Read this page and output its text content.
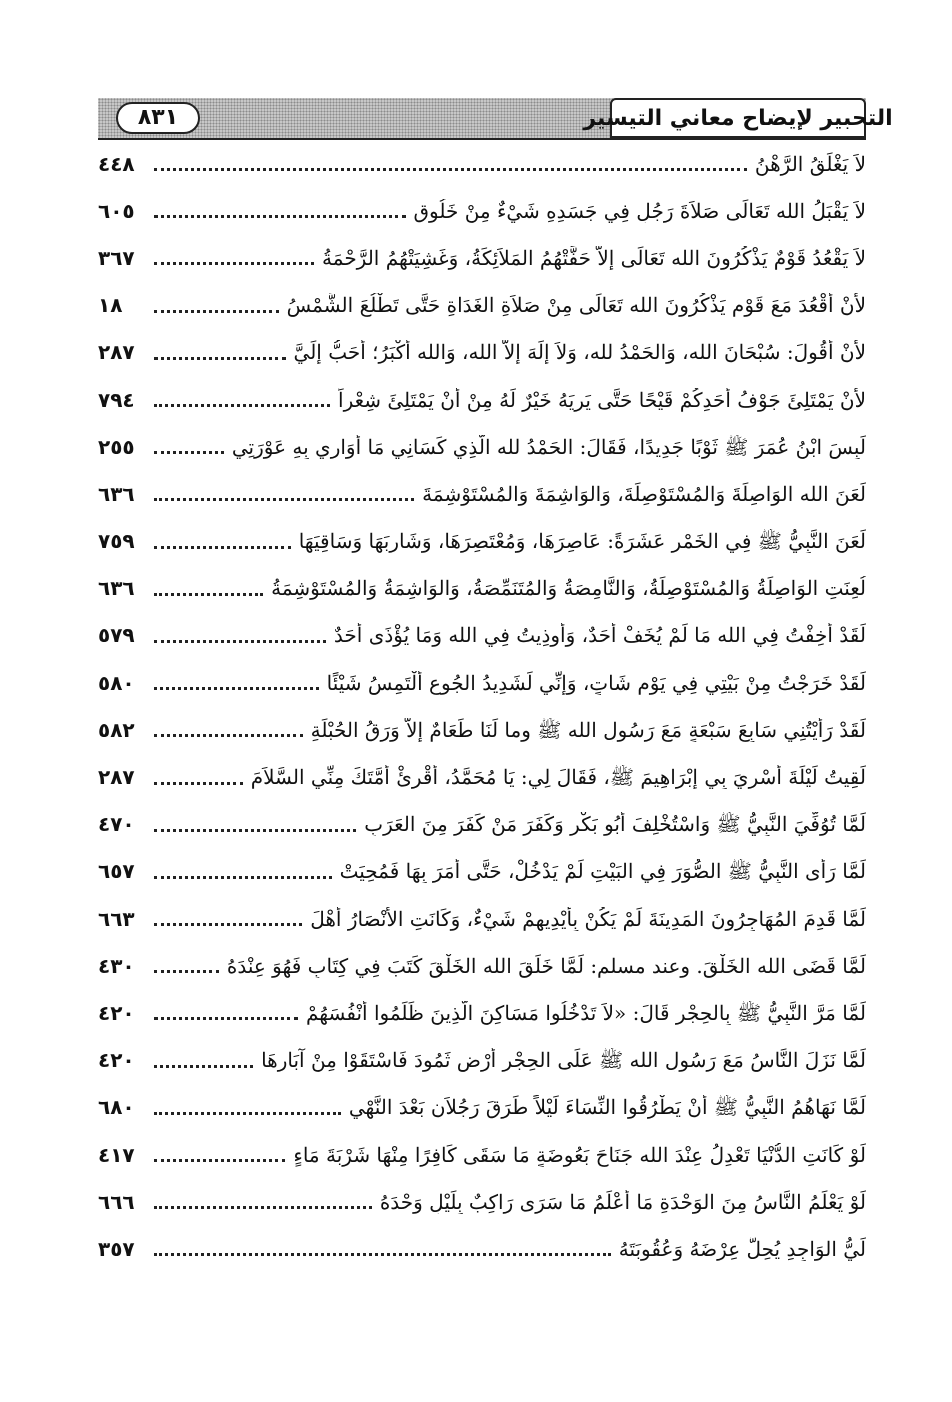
التحبير لإيضاح معاني التيسير
٨٣١
لاَ يَغْلَقُ الرَّهْنُ
٤٤٨
لاَ يَقْبَلُ الله تَعَالَى صَلاَةَ رَجُلٍ فِي جَسَدِهِ شَيْءٌ مِنْ خَلُوقٍ
٦٠٥
لاَ يَقْعُدُ قَوْمٌ يَذْكُرُونَ الله تَعَالَى إِلاَّ حَفَّتْهُمُ المَلاَئِكَةُ، وَغَشِيَتْهُمُ الرَّحْمَةُ
٣٦٧
لأَنْ أَقْعُدَ مَعَ قَوْمٍ يَذْكُرُونَ الله تَعَالَى مِنْ صَلاَةِ الغَدَاةِ حَتَّى تَطْلُعَ الشَّمْسُ
١٨
لأَنْ أَقُولَ: سُبْحَانَ الله، وَالحَمْدُ لله، وَلاَ إِلَهَ إِلاَّ الله، وَالله أَكْبَرُ؛ أَحَبُّ إِلَيَّ
٢٨٧
لأَنْ يَمْتَلِئَ جَوْفُ أَحَدِكُمْ قَيْحًا حَتَّى يَرِيَهُ خَيْرٌ لَهُ مِنْ أَنْ يَمْتَلِئَ شِعْراً
٧٩٤
لَبِسَ ابْنُ عُمَرَ ﷺ ثَوْبًا جَدِيدًا، فَقَالَ: الحَمْدُ لله الَّذِي كَسَانِي مَا أُوَارِي بِهِ عَوْرَتِي
٢٥٥
لَعَنَ الله الوَاصِلَةَ وَالمُسْتَوْصِلَةَ، وَالوَاشِمَةَ وَالمُسْتَوْشِمَةَ
٦٣٦
لَعَنَ النَّبِيُّ ﷺ فِي الخَمْرِ عَشَرَةً: عَاصِرَهَا، وَمُعْتَصِرَهَا، وَشَارِبَهَا وَسَاقِيَهَا
٧٥٩
لُعِنَتِ الوَاصِلَةُ وَالمُسْتَوْصِلَةُ، وَالنَّامِصَةُ وَالمُتَنَمِّصَةُ، وَالوَاشِمَةُ وَالمُسْتَوْشِمَةُ
٦٣٦
لَقَدْ أُخِفْتُ فِي الله مَا لَمْ يُخَفْ أَحَدٌ، وَأُوذِيتُ فِي الله وَمَا يُؤْذَى أَحَدٌ
٥٧٩
لَقَدْ خَرَجْتُ مِنْ بَيْتِي فِي يَوْمٍ شَاتٍ، وَإِنِّي لَشَدِيدُ الجُوعِ أَلْتَمِسُ شَيْئًا
٥٨٠
لَقَدْ رَأَيْتُنِي سَابِعَ سَبْعَةٍ مَعَ رَسُولِ الله ﷺ وما لَنَا طَعَامٌ إِلاَّ وَرَقُ الحُبْلَةِ
٥٨٢
لَقِيتُ لَيْلَةَ أُسْرِيَ بِي إِبْرَاهِيمَ ﷺ، فَقَالَ لِي: يَا مُحَمَّدُ، أَقْرِئْ أُمَّتَكَ مِنِّي السَّلاَمَ
٢٨٧
لَمَّا تُوُفِّيَ النَّبِيُّ ﷺ وَاسْتُخْلِفَ أَبُو بَكْرٍ وَكَفَرَ مَنْ كَفَرَ مِنَ العَرَبِ
٤٧٠
لَمَّا رَأَى النَّبِيُّ ﷺ الصُّوَرَ فِي البَيْتِ لَمْ يَدْخُلْ، حَتَّى أَمَرَ بِهَا فَمُحِيَتْ
٦٥٧
لَمَّا قَدِمَ المُهَاجِرُونَ المَدِينَةَ لَمْ يَكُنْ بِأَيْدِيهِمْ شَيْءٌ، وَكَانَتِ الأَنْصَارُ أَهْلَ
٦٦٣
لَمَّا قَضَى الله الخَلْقَ. وعند مسلم: لَمَّا خَلَقَ الله الخَلْقَ كَتَبَ فِي كِتَابٍ فَهُوَ عِنْدَهُ
٤٣٠
لَمَّا مَرَّ النَّبِيُّ ﷺ بِالحِجْرِ قَالَ: «لاَ تَدْخُلُوا مَسَاكِنَ الَّذِينَ ظَلَمُوا أَنْفُسَهُمْ
٤٢٠
لَمَّا نَزَلَ النَّاسُ مَعَ رَسُولِ الله ﷺ عَلَى الحِجْرِ أَرْضِ ثَمُودَ فَاسْتَقَوْا مِنْ آبَارِهَا
٤٢٠
لَمَّا نَهَاهُمُ النَّبِيُّ ﷺ أَنْ يَطْرُقُوا النِّسَاءَ لَيْلاً طَرَقَ رَجُلاَنِ بَعْدَ النَّهْيِ
٦٨٠
لَوْ كَانَتِ الدُّنْيَا تَعْدِلُ عِنْدَ الله جَنَاحَ بَعُوضَةٍ مَا سَقَى كَافِرًا مِنْهَا شَرْبَةَ مَاءٍ
٤١٧
لَوْ يَعْلَمُ النَّاسُ مِنَ الوَحْدَةِ مَا أَعْلَمُ مَا سَرَى رَاكِبٌ بِلَيْلٍ وَحْدَهُ
٦٦٦
لَيُّ الوَاجِدِ يُحِلُّ عِرْضَهُ وَعُقُوبَتَهُ
٣٥٧
